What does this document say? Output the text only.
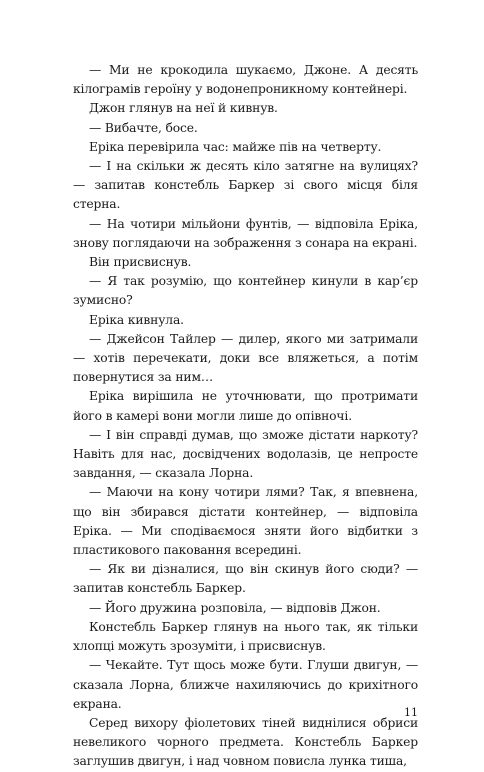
— Ми не крокодила шукаємо, Джоне. А десять кілограмів героїну у водонепроникному контейнері.

Джон глянув на неї й кивнув.

— Вибачте, босе.

Еріка перевірила час: майже пів на четверту.

— І на скільки ж десять кіло затягне на вулицях? — запитав констебль Баркер зі свого місця біля стерна.

— На чотири мільйони фунтів, — відповіла Еріка, знову поглядаючи на зображення з сонара на екрані.

Він присвиснув.

— Я так розумію, що контейнер кинули в кар’єр зумисно?

Еріка кивнула.

— Джейсон Тайлер — дилер, якого ми затримали — хотів перечекати, доки все вляжеться, а потім повернутися за ним…

Еріка вирішила не уточнювати, що протримати його в камері вони могли лише до опівночі.

— І він справді думав, що зможе дістати наркоту? Навіть для нас, досвідчених водолазів, це непросте завдання, — сказала Лорна.

— Маючи на кону чотири лями? Так, я впевнена, що він збирався дістати контейнер, — відповіла Еріка. — Ми сподіваємося зняти його відбитки з пластикового паковання всередині.

— Як ви дізналися, що він скинув його сюди? — запитав констебль Баркер.

— Його дружина розповіла, — відповів Джон.

Констебль Баркер глянув на нього так, як тільки хлопці можуть зрозуміти, і присвиснув.

— Чекайте. Тут щось може бути. Глуши двигун, — сказала Лорна, ближче нахиляючись до крихітного екрана.

Серед вихору фіолетових тіней виднілися обриси невеликого чорного предмета. Констебль Баркер заглушив двигун, і над човном повисла лунка тиша,

11
